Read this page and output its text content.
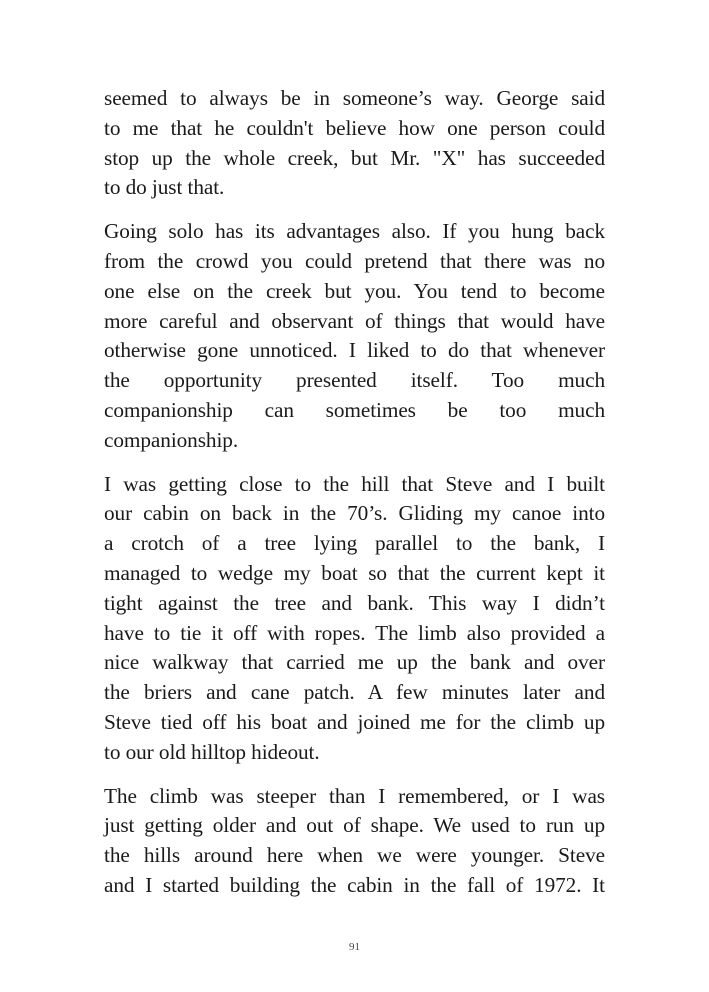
seemed to always be in someone’s way. George said
to me that he couldn't believe how one person could
stop up the whole creek, but Mr. "X" has succeeded
to do just that.

Going solo has its advantages also. If you hung back
from the crowd you could pretend that there was no
one else on the creek but you. You tend to become
more careful and observant of things that would have
otherwise gone unnoticed. I liked to do that whenever
the opportunity presented itself. Too much
companionship can sometimes be too much
companionship.

I was getting close to the hill that Steve and I built
our cabin on back in the 70’s. Gliding my canoe into
a crotch of a tree lying parallel to the bank, I
managed to wedge my boat so that the current kept it
tight against the tree and bank. This way I didn’t
have to tie it off with ropes. The limb also provided a
nice walkway that carried me up the bank and over
the briers and cane patch. A few minutes later and
Steve tied off his boat and joined me for the climb up
to our old hilltop hideout.

The climb was steeper than I remembered, or I was
just getting older and out of shape. We used to run up
the hills around here when we were younger. Steve
and I started building the cabin in the fall of 1972. It

91
